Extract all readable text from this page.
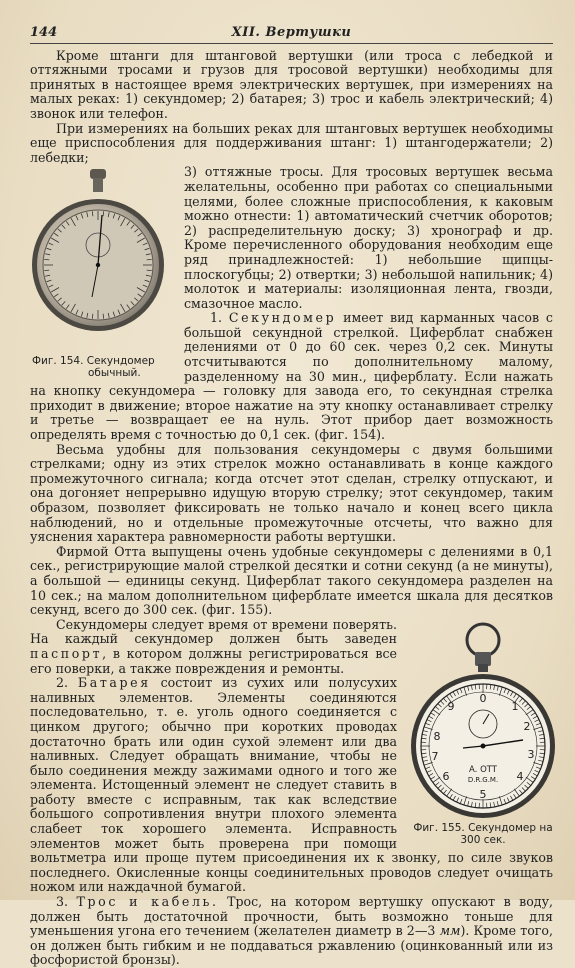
144	XII. Вертушки

Кроме штанги для штанговой вертушки (или троса с лебедкой и оттяжными тросами и грузов для тросовой вертушки) необходимы для принятых в настоящее время электрических вертушек, при измерениях на малых реках: 1) секундомер; 2) батарея; 3) трос и кабель электрический; 4) звонок или телефон.

При измерениях на больших реках для штанговых вертушек необходимы еще приспособления для поддерживания штанг: 1) штангодержатели; 2) лебедки;

Фиг. 154. Секундомер
обычный.

3) оттяжные тросы. Для тросовых вертушек весьма желательны, особенно при работах со специальными целями, более сложные приспособления, к каковым можно отнести: 1) автоматический счетчик оборотов; 2) распределительную доску; 3) хронограф и др. Кроме перечисленного оборудования необходим еще ряд принадлежностей: 1) небольшие щипцы-плоскогубцы; 2) отвертки; 3) небольшой напильник; 4) молоток и материалы: изоляционная лента, гвозди, смазочное масло.

1. Секундомер имеет вид карманных часов с большой секундной стрелкой. Циферблат снабжен делениями от 0 до 60 сек. через 0,2 сек. Минуты отсчитываются по дополнительному малому, разделенному на 30 мин., циферблату. Если нажать на кнопку секундомера — головку для завода его, то секундная стрелка приходит в движение; второе нажатие на эту кнопку останавливает стрелку и третье — возвращает ее на нуль. Этот прибор дает возможность определять время с точностью до 0,1 сек. (фиг. 154).

Весьма удобны для пользования секундомеры с двумя большими стрелками; одну из этих стрелок можно останавливать в конце каждого промежуточного сигнала; когда отсчет этот сделан, стрелку отпускают, и она догоняет непрерывно идущую вторую стрелку; этот секундомер, таким образом, позволяет фиксировать не только начало и конец всего цикла наблюдений, но и отдельные промежуточные отсчеты, что важно для уяснения характера равномерности работы вертушки.

Фирмой Отта выпущены очень удобные секундомеры с делениями в 0,1 сек., регистрирующие малой стрелкой десятки и сотни секунд (а не минуты), а большой — единицы секунд. Циферблат такого секундомера разделен на 10 сек.; на малом дополнительном циферблате имеется шкала для десятков секунд, всего до 300 сек. (фиг. 155).

0
2
4
5
6
8
9	1
3
7
A. OTT
D.R.G.M.
Фиг. 155. Секундомер на
300 сек.

Секундомеры следует время от времени поверять. На каждый секундомер должен быть заведен паспорт, в котором должны регистрироваться все его поверки, а также повреждения и ремонты.

2. Батарея состоит из сухих или полусухих наливных элементов. Элементы соединяются последовательно, т. е. уголь одного соединяется с цинком другого; обычно при коротких проводах достаточно брать или один сухой элемент или два наливных. Следует обращать внимание, чтобы не было соединения между зажимами одного и того же элемента. Истощенный элемент не следует ставить в работу вместе с исправным, так как вследствие большого сопротивления внутри плохого элемента слабеет ток хорошего элемента. Исправность элементов может быть проверена при помощи вольтметра или проще путем присоединения их к звонку, по силе звуков последнего. Окисленные концы соединительных проводов следует очищать ножом или наждачной бумагой.

3. Трос и кабель. Трос, на котором вертушку опускают в воду, должен быть достаточной прочности, быть возможно тоньше для уменьшения угона его течением (желателен диаметр в 2—3 мм). Кроме того, он должен быть гибким и не поддаваться ржавлению (оцинкованный или из фосфористой бронзы).
